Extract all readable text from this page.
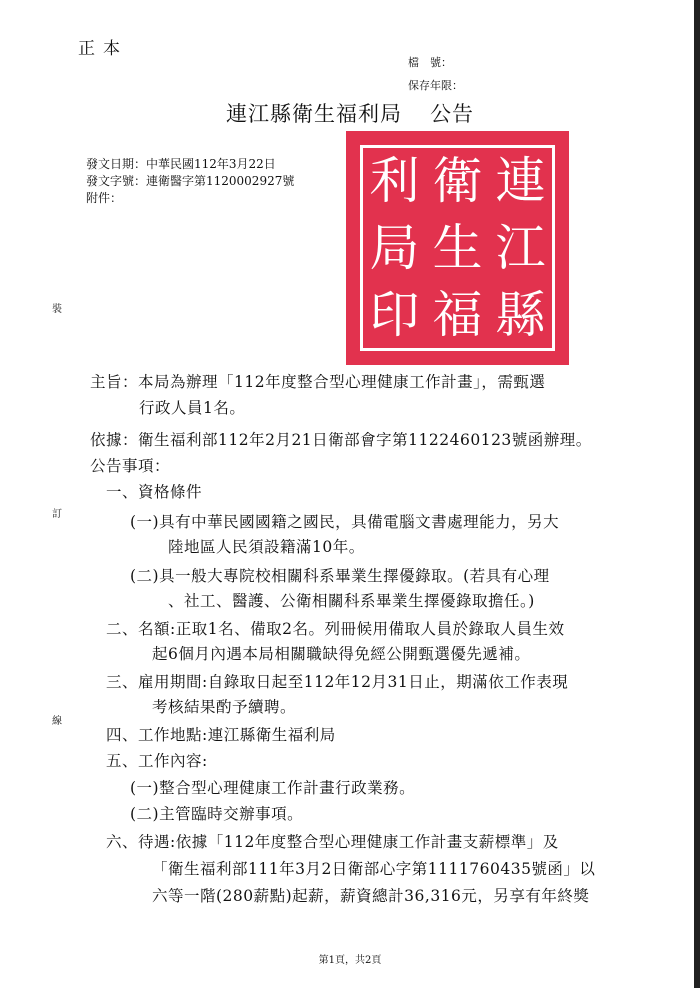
正本
檔　號：
保存年限：
連江縣衛生福利局 公告
發文日期：中華民國112年3月22日
發文字號：連衛醫字第1120002927號
附件：	連
衛
利
江
生
局
縣
福
印
裝
訂
線
主旨：本局為辦理「112年度整合型心理健康工作計畫」，需甄選
行政人員1名。
依據：衛生福利部112年2月21日衛部會字第1122460123號函辦理。
公告事項：
一、資格條件
(一)具有中華民國國籍之國民，具備電腦文書處理能力，另大
陸地區人民須設籍滿10年。
(二)具一般大專院校相關科系畢業生擇優錄取。(若具有心理
、社工、醫護、公衛相關科系畢業生擇優錄取擔任。)
二、名額:正取1名、備取2名。列冊候用備取人員於錄取人員生效
起6個月內遇本局相關職缺得免經公開甄選優先遞補。
三、雇用期間:自錄取日起至112年12月31日止，期滿依工作表現
考核結果酌予續聘。
四、工作地點:連江縣衛生福利局
五、工作內容:
(一)整合型心理健康工作計畫行政業務。
(二)主管臨時交辦事項。
六、待遇:依據「112年度整合型心理健康工作計畫支薪標準」及
「衛生福利部111年3月2日衛部心字第1111760435號函」以
六等一階(280薪點)起薪，薪資總計36,316元，另享有年終獎
第1頁，共2頁
